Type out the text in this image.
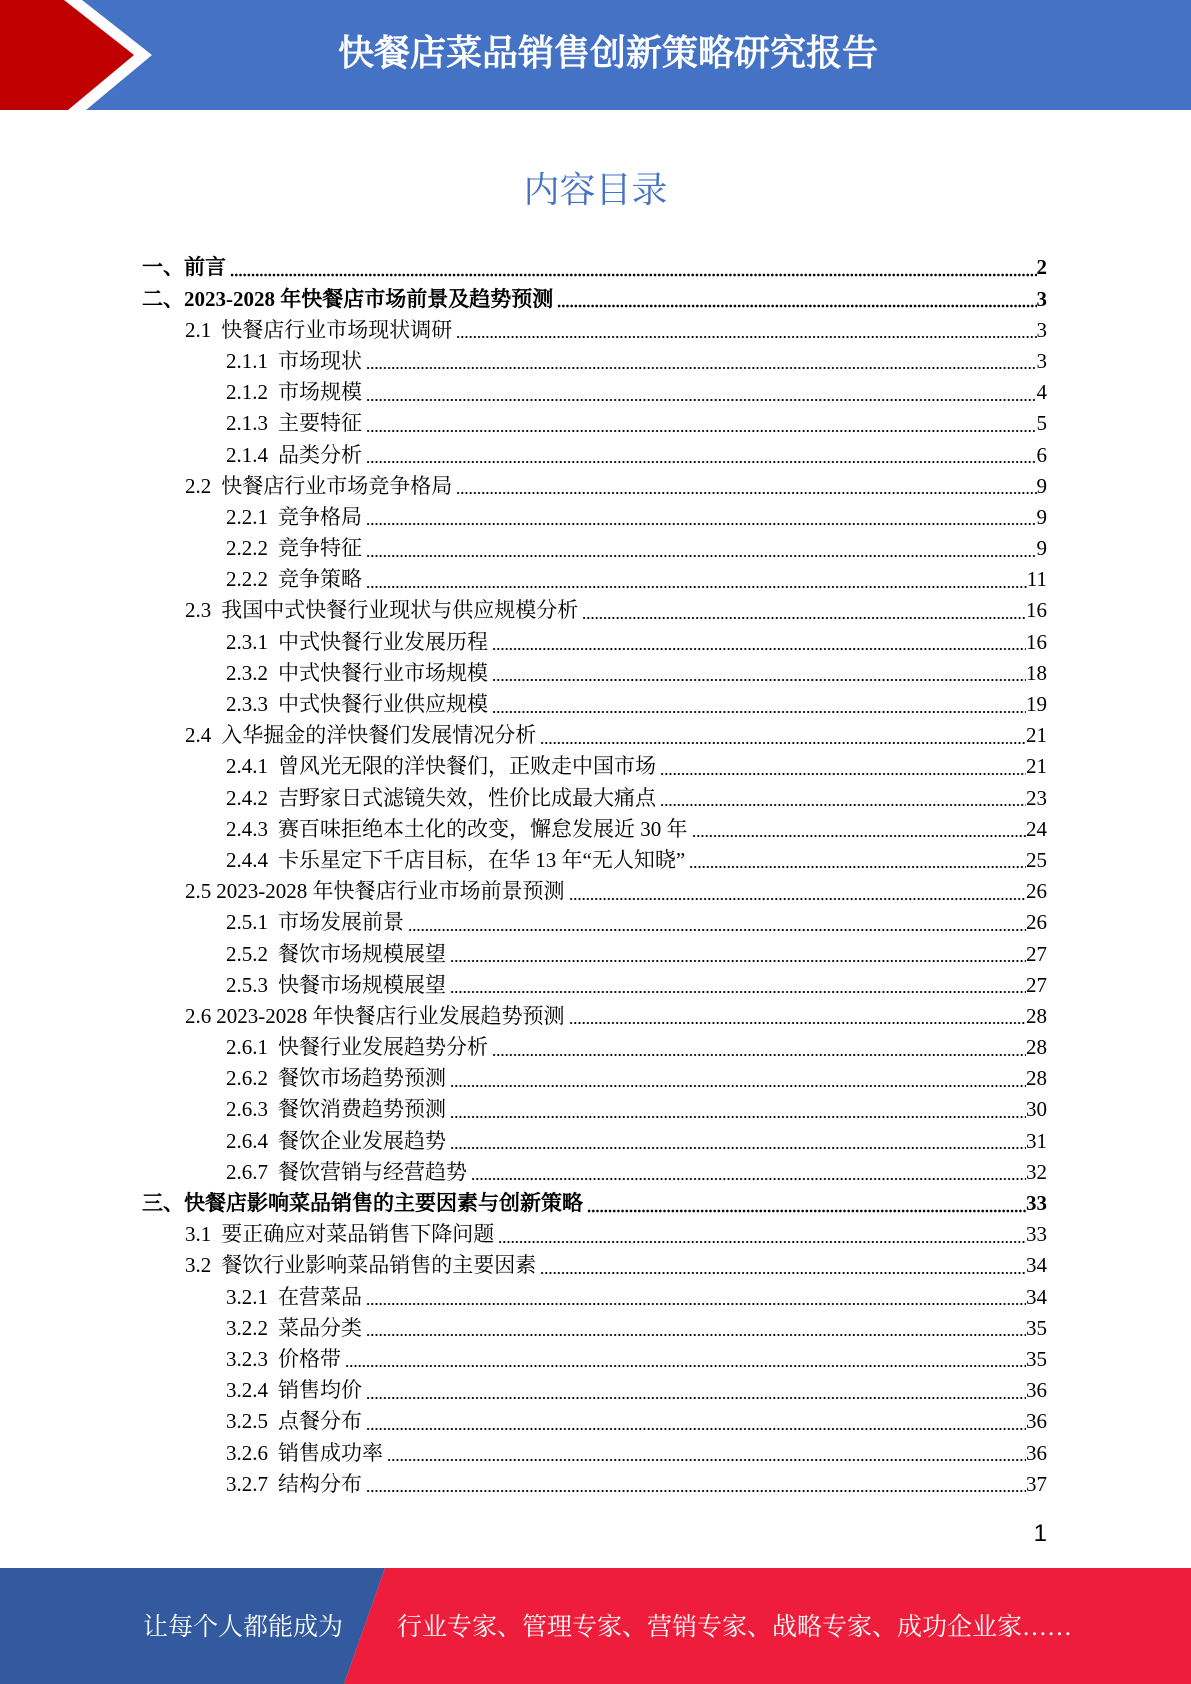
快餐店菜品销售创新策略研究报告
内容目录
一、 前言	2
二、 2023-2028 年快餐店市场前景及趋势预测	3
2.1 快餐店行业市场现状调研	3
2.1.1 市场现状	3
2.1.2 市场规模	4
2.1.3 主要特征	5
2.1.4 品类分析	6
2.2 快餐店行业市场竞争格局	9
2.2.1 竞争格局	9
2.2.2 竞争特征	9
2.2.2 竞争策略	11
2.3 我国中式快餐行业现状与供应规模分析	16
2.3.1 中式快餐行业发展历程	16
2.3.2 中式快餐行业市场规模	18
2.3.3 中式快餐行业供应规模	19
2.4 入华掘金的洋快餐们发展情况分析	21
2.4.1 曾风光无限的洋快餐们，正败走中国市场	21
2.4.2 吉野家日式滤镜失效，性价比成最大痛点	23
2.4.3 赛百味拒绝本土化的改变，懈怠发展近 30 年	24
2.4.4 卡乐星定下千店目标，在华 13 年“无人知晓”	25
2.5 2023-2028 年快餐店行业市场前景预测	26
2.5.1 市场发展前景	26
2.5.2 餐饮市场规模展望	27
2.5.3 快餐市场规模展望	27
2.6 2023-2028 年快餐店行业发展趋势预测	28
2.6.1 快餐行业发展趋势分析	28
2.6.2 餐饮市场趋势预测	28
2.6.3 餐饮消费趋势预测	30
2.6.4 餐饮企业发展趋势	31
2.6.7 餐饮营销与经营趋势	32
三、 快餐店影响菜品销售的主要因素与创新策略	33
3.1 要正确应对菜品销售下降问题	33
3.2 餐饮行业影响菜品销售的主要因素	34
3.2.1 在营菜品	34
3.2.2 菜品分类	35
3.2.3 价格带	35
3.2.4 销售均价	36
3.2.5 点餐分布	36
3.2.6 销售成功率	36
3.2.7 结构分布	37
1
让每个人都能成为 行业专家、管理专家、营销专家、战略专家、成功企业家……
